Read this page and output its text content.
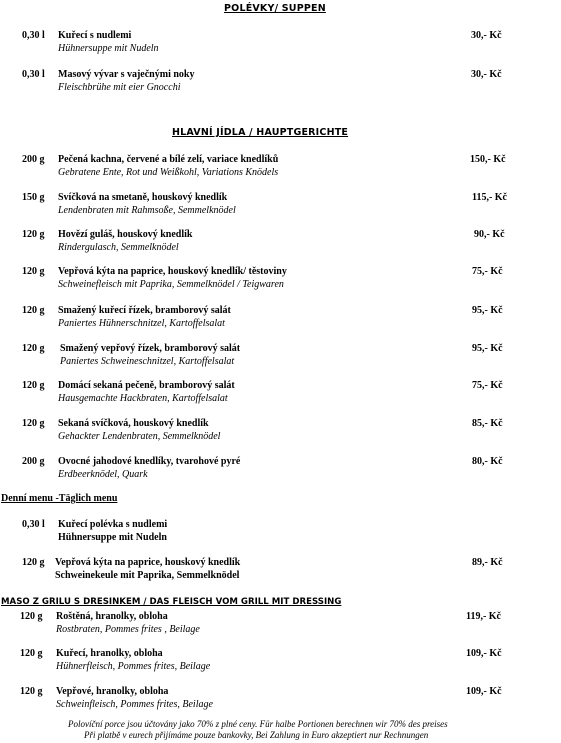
POLÉVKY/ SUPPEN
0,30 l Kuřecí s nudlemi
Hühnersuppe mit Nudeln
30,- Kč
0,30 l Masový vývar s vaječnými noky
Fleischbrühe mit eier Gnocchi
30,- Kč
HLAVNÍ JÍDLA / HAUPTGERICHTE
200 g Pečená kachna, červené a bílé zelí, variace knedlíků
Gebratene Ente, Rot und Weißkohl, Variations Knödels
150,- Kč
150 g Svíčková na smetaně, houskový knedlík
Lendenbraten mit Rahmsoße, Semmelknödel
115,- Kč
120 g Hovězí guláš, houskový knedlík
Rindergulasch, Semmelknödel
90,- Kč
120 g Vepřová kýta na paprice, houskový knedlík/ těstoviny
Schweinefleisch mit Paprika, Semmelknödel / Teigwaren
75,- Kč
120 g Smažený kuřecí řízek, bramborový salát
Paniertes Hühnerschnitzel, Kartoffelsalat
95,- Kč
120 g Smažený vepřový řízek, bramborový salát
Paniertes Schweineschnitzel, Kartoffelsalat
95,- Kč
120 g Domácí sekaná pečeně, bramborový salát
Hausgemachte Hackbraten, Kartoffelsalat
75,- Kč
120 g Sekaná svíčková, houskový knedlík
Gehackter Lendenbraten, Semmelknödel
85,- Kč
200 g Ovocné jahodové knedlíky, tvarohové pyré
Erdbeerknödel, Quark
80,- Kč
Denní menu -Täglich menu
0,30 l Kuřecí polévka s nudlemi
Hühnersuppe mit Nudeln
120 g Vepřová kýta na paprice, houskový knedlík
Schweinekeule mit Paprika, Semmelknödel
89,- Kč
MASO Z GRILU S DRESINKEM / DAS FLEISCH VOM GRILL MIT DRESSING
120 g Roštěná, hranolky, obloha
Rostbraten, Pommes frites , Beilage
119,- Kč
120 g Kuřecí, hranolky, obloha
Hühnerfleisch, Pommes frites, Beilage
109,- Kč
120 g Vepřové, hranolky, obloha
Schweinfleisch, Pommes frites, Beilage
109,- Kč
Polovíční porce jsou účtovány jako 70% z plné ceny. Für halbe Portionen berechnen wir 70% des preises
Při platbě v eurech přijímáme pouze bankovky, Bei Zahlung in Euro akzeptiert nur Rechnungen
